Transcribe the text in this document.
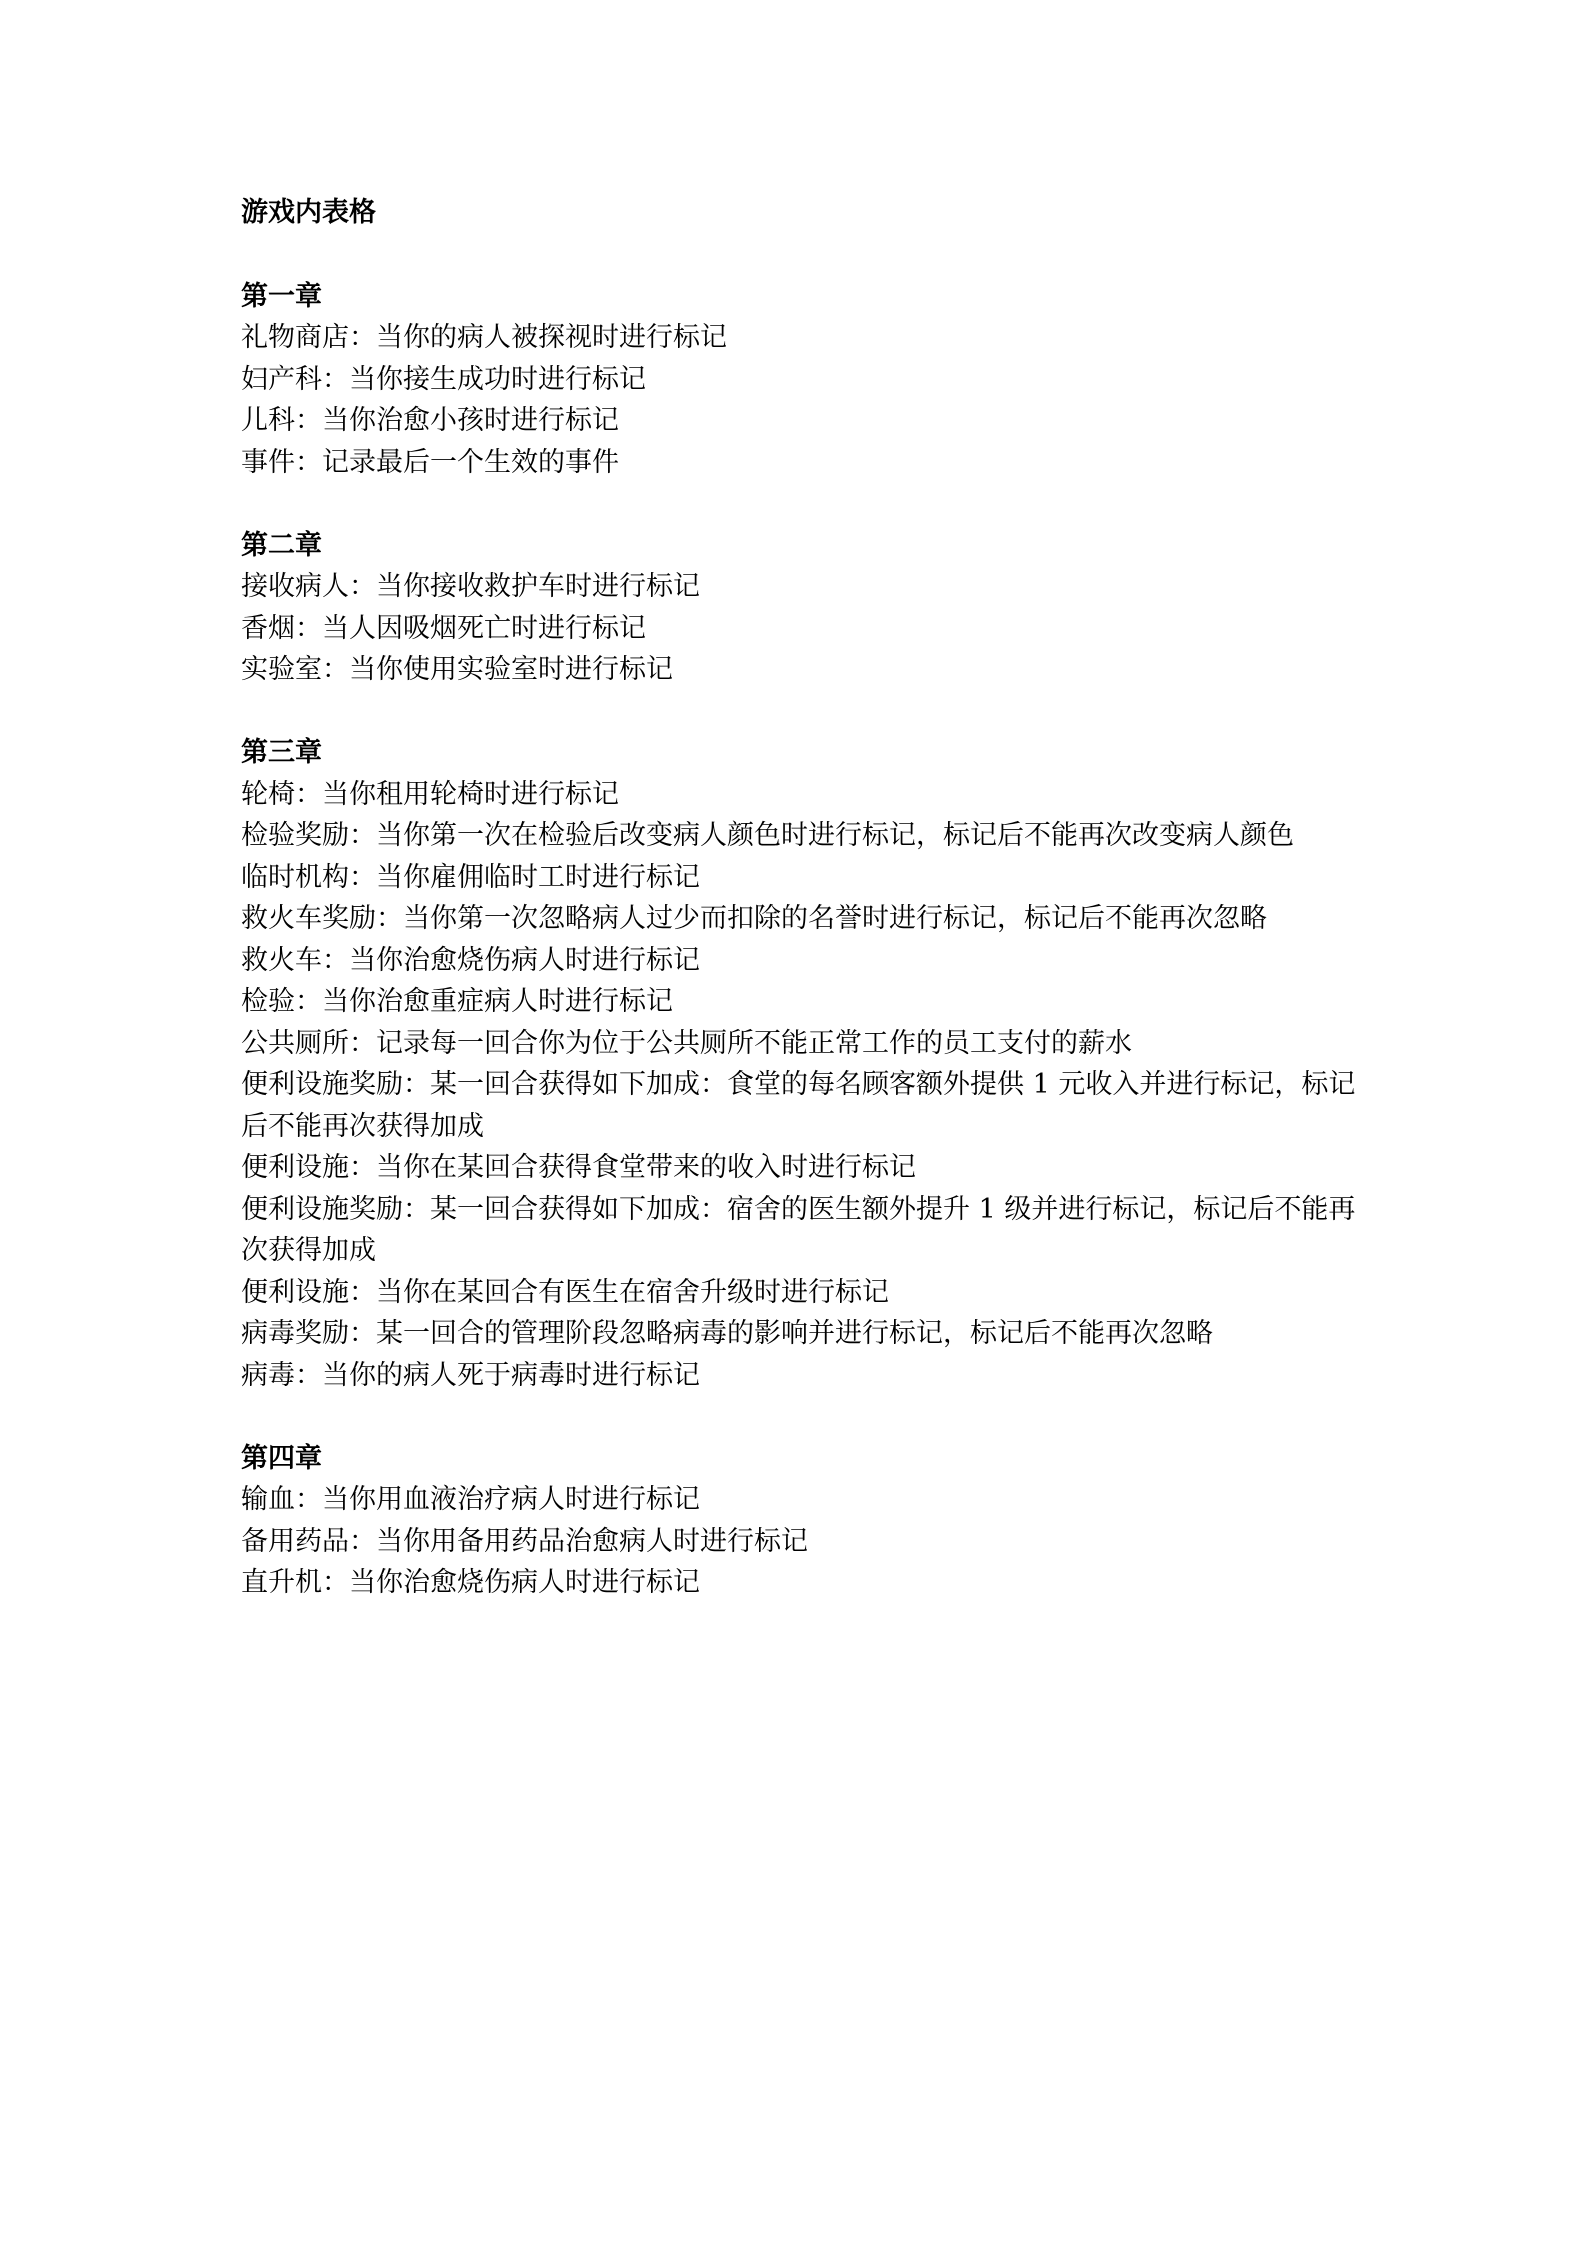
游戏内表格
第一章

礼物商店：当你的病人被探视时进行标记

妇产科：当你接生成功时进行标记

儿科：当你治愈小孩时进行标记

事件：记录最后一个生效的事件

第二章

接收病人：当你接收救护车时进行标记

香烟：当人因吸烟死亡时进行标记

实验室：当你使用实验室时进行标记

第三章

轮椅：当你租用轮椅时进行标记

检验奖励：当你第一次在检验后改变病人颜色时进行标记，标记后不能再次改变病人颜色

临时机构：当你雇佣临时工时进行标记

救火车奖励：当你第一次忽略病人过少而扣除的名誉时进行标记，标记后不能再次忽略

救火车：当你治愈烧伤病人时进行标记

检验：当你治愈重症病人时进行标记

公共厕所：记录每一回合你为位于公共厕所不能正常工作的员工支付的薪水

便利设施奖励：某一回合获得如下加成：食堂的每名顾客额外提供 1 元收入并进行标记，标记后不能再次获得加成

便利设施：当你在某回合获得食堂带来的收入时进行标记

便利设施奖励：某一回合获得如下加成：宿舍的医生额外提升 1 级并进行标记，标记后不能再次获得加成

便利设施：当你在某回合有医生在宿舍升级时进行标记

病毒奖励：某一回合的管理阶段忽略病毒的影响并进行标记，标记后不能再次忽略

病毒：当你的病人死于病毒时进行标记

第四章

输血：当你用血液治疗病人时进行标记

备用药品：当你用备用药品治愈病人时进行标记

直升机：当你治愈烧伤病人时进行标记
